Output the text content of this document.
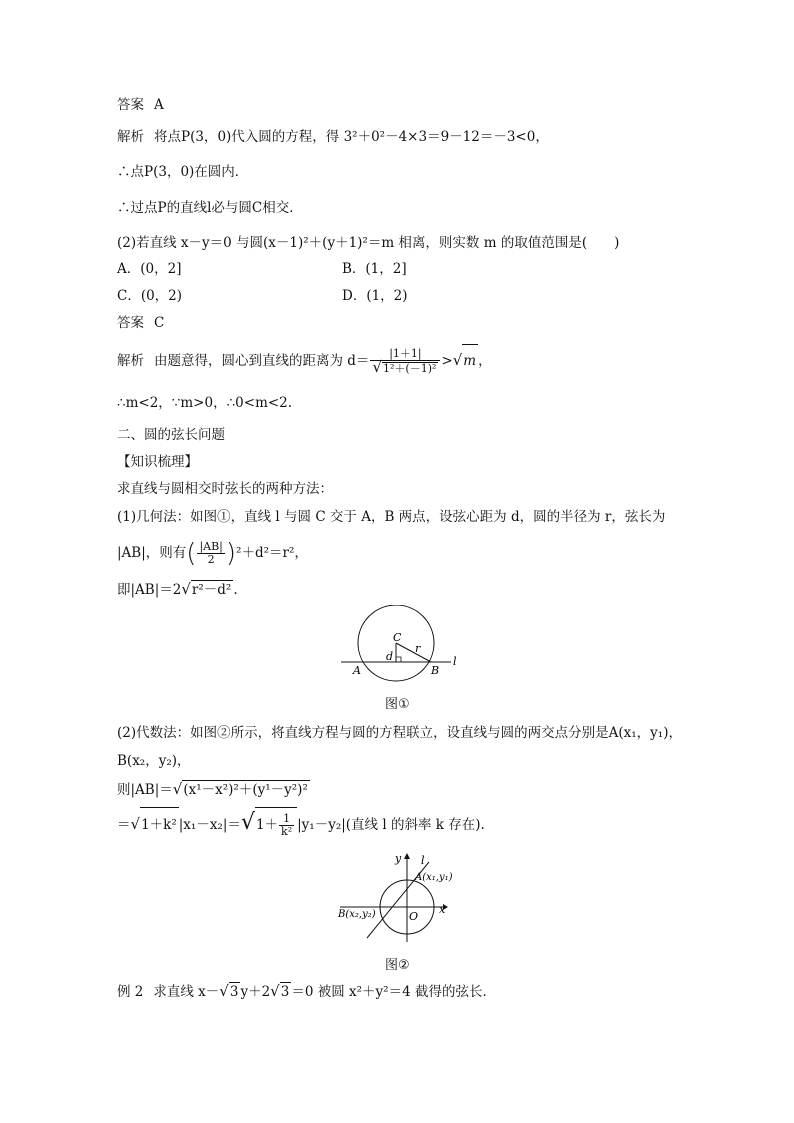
答案 A
解析 将点P(3，0)代入圆的方程，得 3²＋0²－4×3＝9－12＝－3<0，
∴点P(3，0)在圆内．
∴过点P的直线l必与圆C相交．
(2)若直线 x－y＝0 与圆(x－1)²＋(y＋1)²＝m 相离，则实数 m 的取值范围是(　　)
A．(0，2]	B．(1，2]
C．(0，2)	D．(1，2)
答案 C
解析 由题意得，圆心到直线的距离为 $d= \frac{|1+1|}{\text{√1²＋(－1)²}} >√m$ ，
∴m<2，∵m>0，∴0<m<2.
二、圆的弦长问题
【知识梳理】
求直线与圆相交时弦长的两种方法：
(1)几何法：如图①，直线 l 与圆 C 交于 A，B 两点，设弦心距为 d，圆的半径为 r，弦长为
|AB|，则有( $\frac{|AB|}{2} )^2+d^2=r^2$，
即|AB|＝2√r²－d² .
C
d
r
A	B
l
图①
(2)代数法：如图②所示，将直线方程与圆的方程联立，设直线与圆的两交点分别是A(x₁，y₁)，
B(x₂，y₂)，
则|AB|＝√(x¹－x²)²＋(y¹－y²)²
＝√1＋k² $|x_1-x_2|=√1+ \frac{1}{\text{k²}} |y_1-y_2|$(直线 l 的斜率 k 存在).
y l
A(x₁,y₁)
B(x₂,y₂)	O
x
图②
例 2 求直线 x－√3 y＋2√3 ＝0 被圆 x²＋y²＝4 截得的弦长．
